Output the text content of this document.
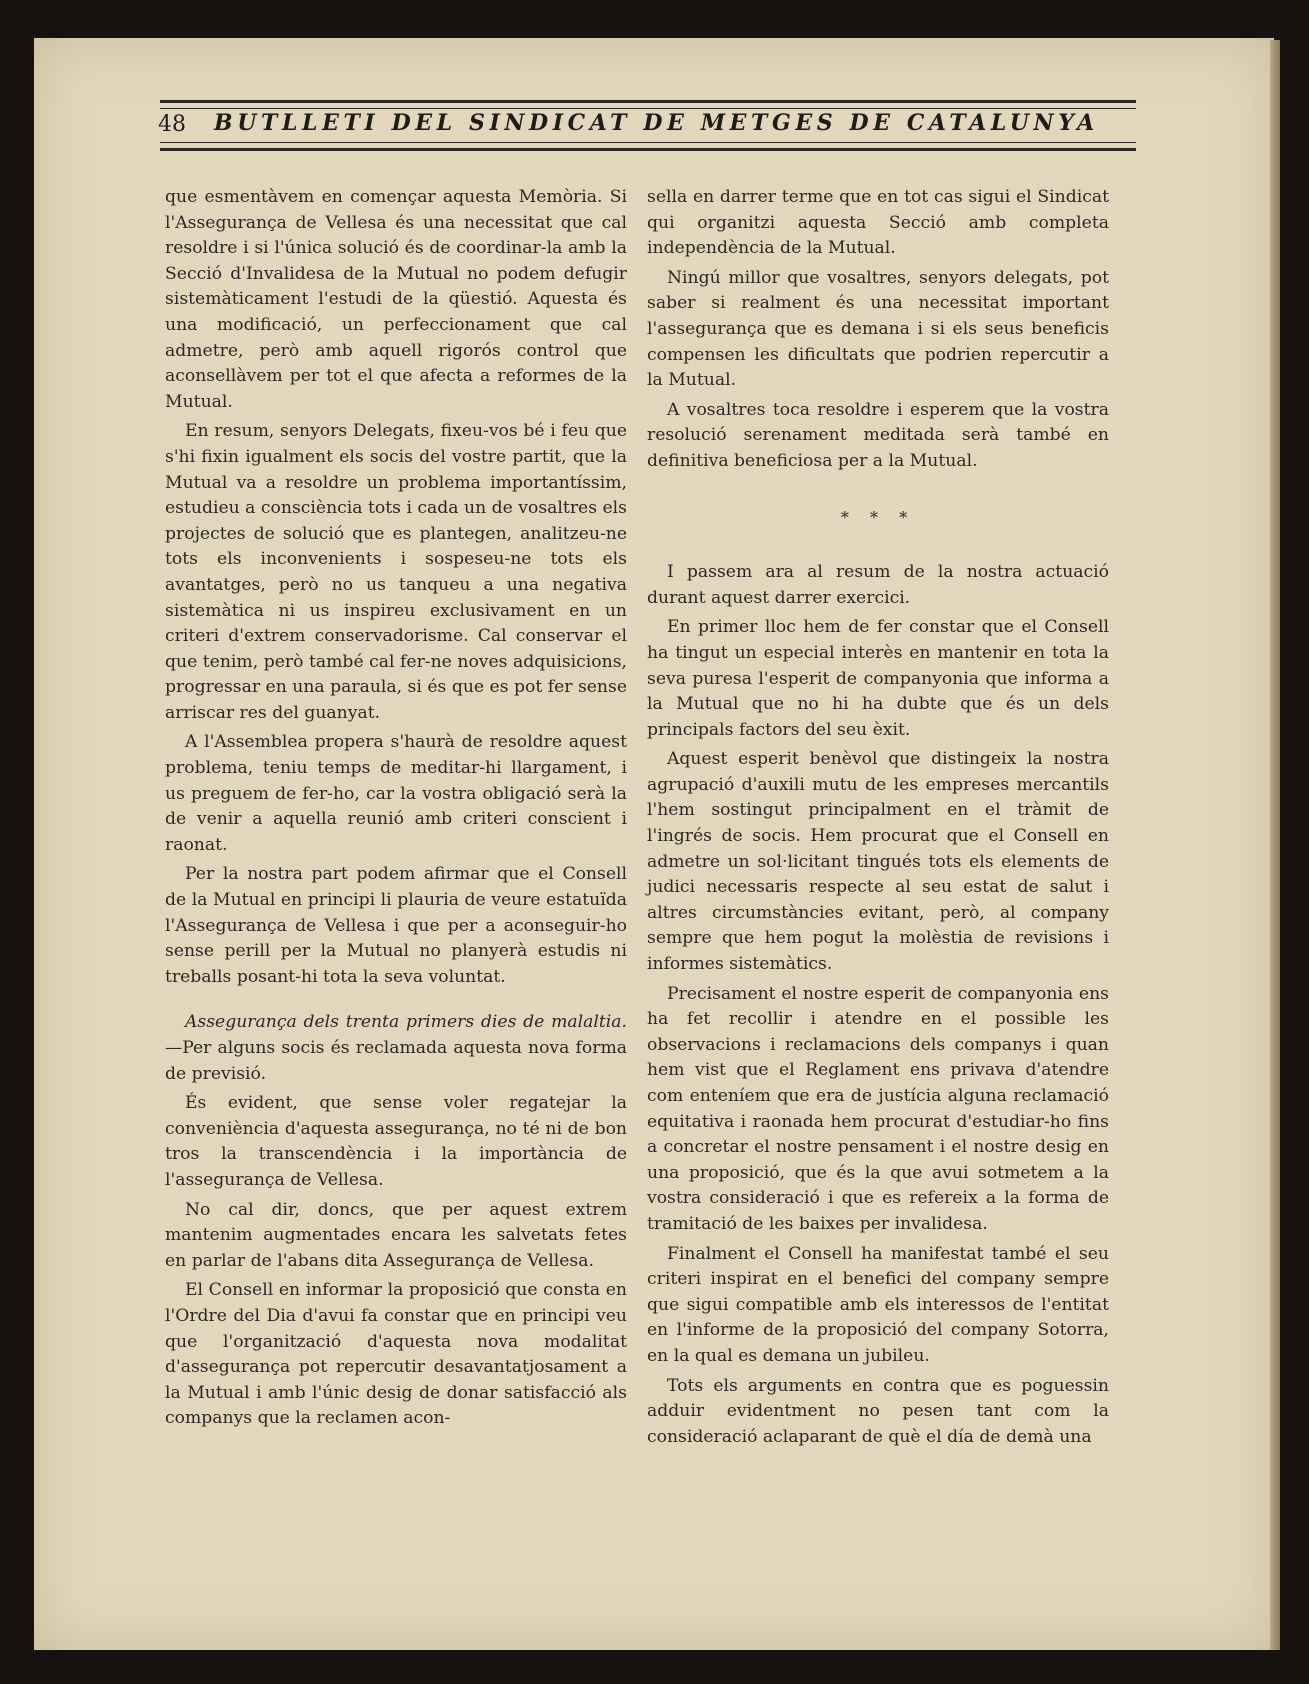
48 BUTLLETI DEL SINDICAT DE METGES DE CATALUNYA

que esmentàvem en començar aquesta Memòria. Si l'Assegurança de Vellesa és una necessitat que cal resoldre i si l'única solució és de coordinar-la amb la Secció d'Invalidesa de la Mutual no podem defugir sistemàticament l'estudi de la qüestió. Aquesta és una modificació, un perfeccionament que cal admetre, però amb aquell rigorós control que aconsellàvem per tot el que afecta a reformes de la Mutual.

En resum, senyors Delegats, fixeu-vos bé i feu que s'hi fixin igualment els socis del vostre partit, que la Mutual va a resoldre un problema importantíssim, estudieu a consciència tots i cada un de vosaltres els projectes de solució que es plantegen, analitzeu-ne tots els inconvenients i sospeseu-ne tots els avantatges, però no us tanqueu a una negativa sistemàtica ni us inspireu exclusivament en un criteri d'extrem conservadorisme. Cal conservar el que tenim, però també cal fer-ne noves adquisicions, progressar en una paraula, si és que es pot fer sense arriscar res del guanyat.

A l'Assemblea propera s'haurà de resoldre aquest problema, teniu temps de meditar-hi llargament, i us preguem de fer-ho, car la vostra obligació serà la de venir a aquella reunió amb criteri conscient i raonat.

Per la nostra part podem afirmar que el Consell de la Mutual en principi li plauria de veure estatuïda l'Assegurança de Vellesa i que per a aconseguir-ho sense perill per la Mutual no planyerà estudis ni treballs posant-hi tota la seva voluntat.

Assegurança dels trenta primers dies de malaltia.—Per alguns socis és reclamada aquesta nova forma de previsió.

És evident, que sense voler regatejar la conveniència d'aquesta assegurança, no té ni de bon tros la transcendència i la importància de l'assegurança de Vellesa.

No cal dir, doncs, que per aquest extrem mantenim augmentades encara les salvetats fetes en parlar de l'abans dita Assegurança de Vellesa.

El Consell en informar la proposició que consta en l'Ordre del Dia d'avui fa constar que en principi veu que l'organització d'aquesta nova modalitat d'assegurança pot repercutir desavantatjosament a la Mutual i amb l'únic desig de donar satisfacció als companys que la reclamen acon-

sella en darrer terme que en tot cas sigui el Sindicat qui organitzi aquesta Secció amb completa independència de la Mutual.

Ningú millor que vosaltres, senyors delegats, pot saber si realment és una necessitat important l'assegurança que es demana i si els seus beneficis compensen les dificultats que podrien repercutir a la Mutual.

A vosaltres toca resoldre i esperem que la vostra resolució serenament meditada serà també en definitiva beneficiosa per a la Mutual.

* * *

I passem ara al resum de la nostra actuació durant aquest darrer exercici.

En primer lloc hem de fer constar que el Consell ha tingut un especial interès en mantenir en tota la seva puresa l'esperit de companyonia que informa a la Mutual que no hi ha dubte que és un dels principals factors del seu èxit.

Aquest esperit benèvol que distingeix la nostra agrupació d'auxili mutu de les empreses mercantils l'hem sostingut principalment en el tràmit de l'ingrés de socis. Hem procurat que el Consell en admetre un sol·licitant tingués tots els elements de judici necessaris respecte al seu estat de salut i altres circumstàncies evitant, però, al company sempre que hem pogut la molèstia de revisions i informes sistemàtics.

Precisament el nostre esperit de companyonia ens ha fet recollir i atendre en el possible les observacions i reclamacions dels companys i quan hem vist que el Reglament ens privava d'atendre com enteníem que era de justícia alguna reclamació equitativa i raonada hem procurat d'estudiar-ho fins a concretar el nostre pensament i el nostre desig en una proposició, que és la que avui sotmetem a la vostra consideració i que es refereix a la forma de tramitació de les baixes per invalidesa.

Finalment el Consell ha manifestat també el seu criteri inspirat en el benefici del company sempre que sigui compatible amb els interessos de l'entitat en l'informe de la proposició del company Sotorra, en la qual es demana un jubileu.

Tots els arguments en contra que es poguessin adduir evidentment no pesen tant com la consideració aclaparant de què el día de demà una
